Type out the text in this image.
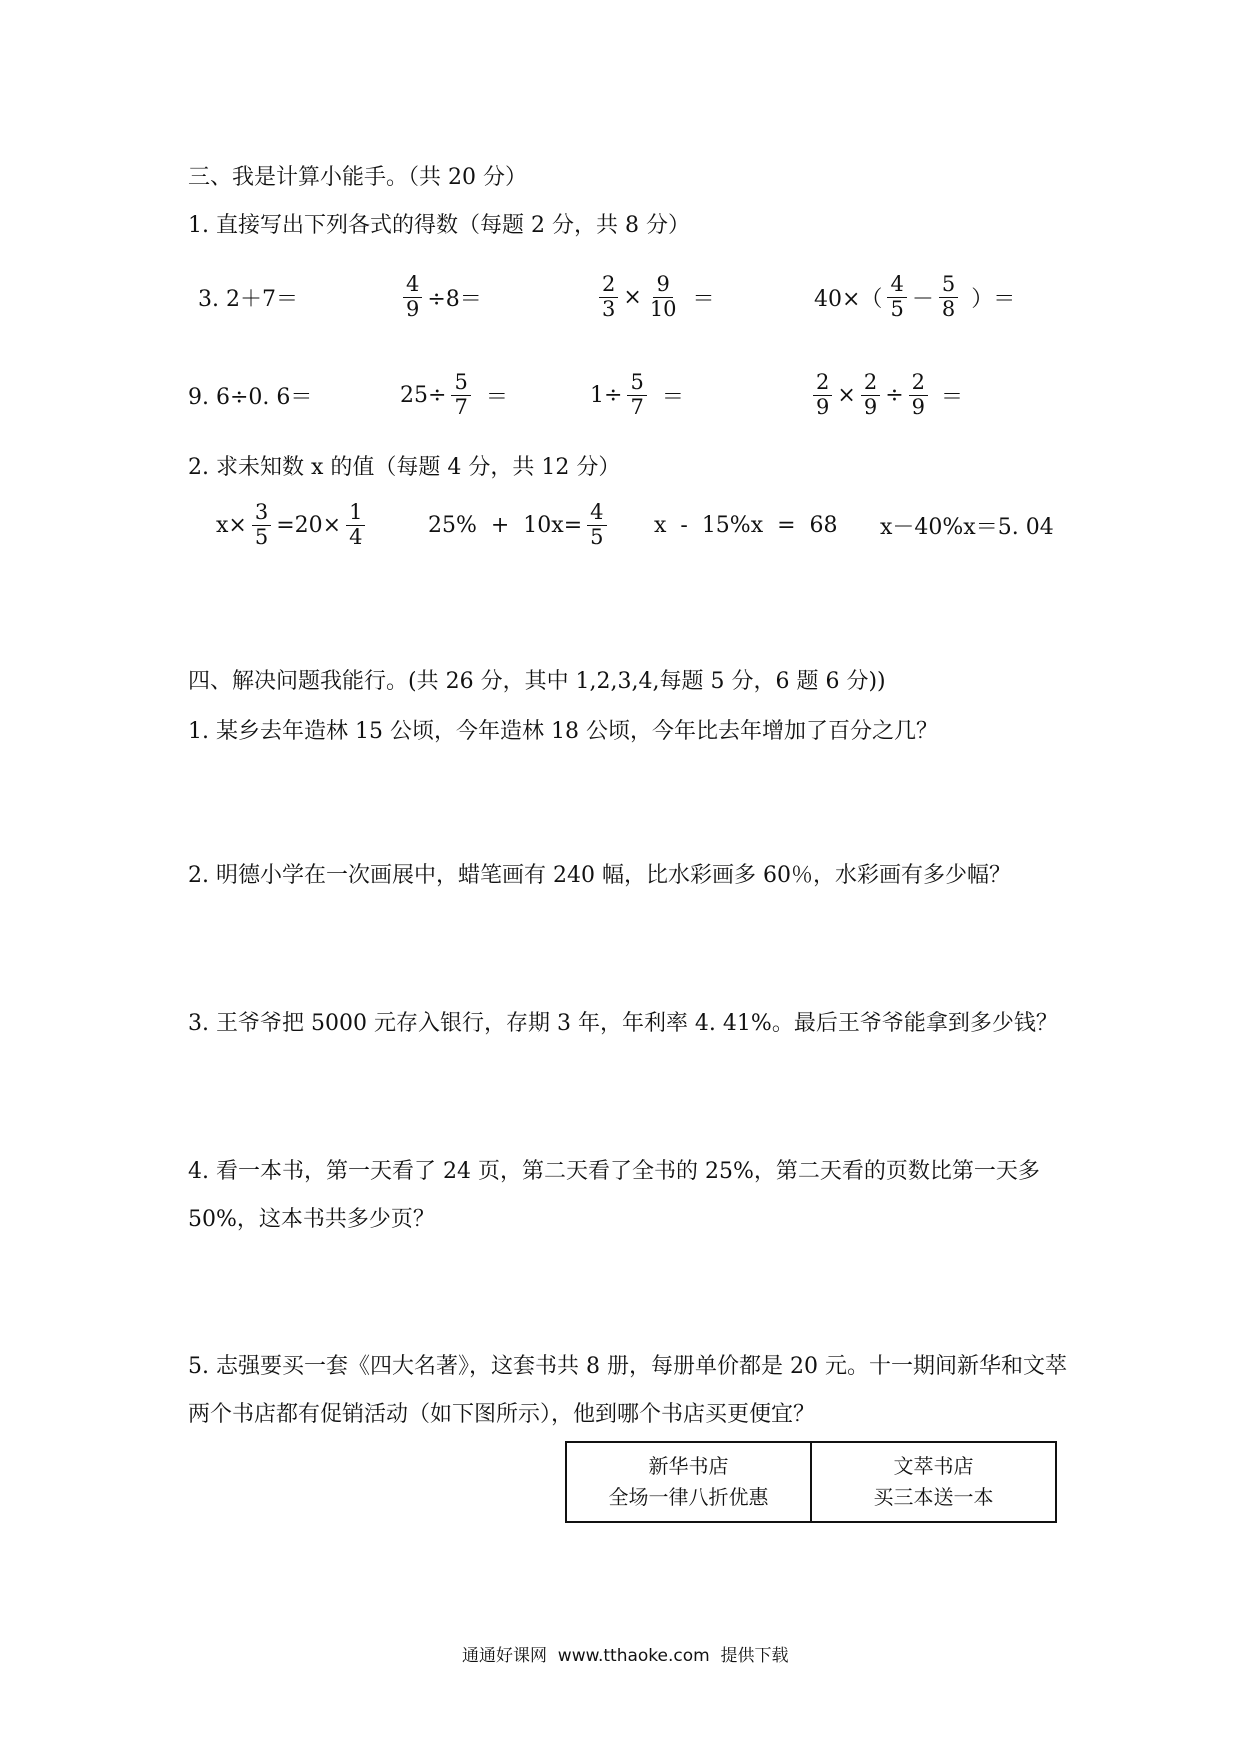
三、我是计算小能手。（共 20 分）
1. 直接写出下列各式的得数（每题 2 分，共 8 分）
3. 2＋7＝	$\frac{4}{9} \div 8=$	$\frac{2}{3} \times \frac{9}{10}$ ＝	$40\times( \frac{4}{5} - \frac{5}{8}$ ）＝
9. 6÷0. 6＝	$25\div \frac{5}{7}$ ＝	$1\div \frac{5}{7}$ ＝	$\frac{2}{9} \times \frac{2}{9} \div \frac{2}{9}$ ＝
2. 求未知数 x 的值（每题 4 分，共 12 分）
$x\times \frac{3}{5} =20\times \frac{1}{4}$	$25\% + 10x= \frac{4}{5}$ x  -  15%x  =  68 x－40%x＝5. 04
四、解决问题我能行。(共 26 分，其中 1,2,3,4,每题 5 分，6 题 6 分))
1. 某乡去年造林 15 公顷，今年造林 18 公顷，今年比去年增加了百分之几？
2. 明德小学在一次画展中，蜡笔画有 240 幅，比水彩画多 60％，水彩画有多少幅？
3. 王爷爷把 5000 元存入银行，存期 3 年，年利率 4. 41%。最后王爷爷能拿到多少钱？
4. 看一本书，第一天看了 24 页，第二天看了全书的 25%，第二天看的页数比第一天多 50%，这本书共多少页？
5. 志强要买一套《四大名著》，这套书共 8 册，每册单价都是 20 元。十一期间新华和文萃两个书店都有促销活动（如下图所示），他到哪个书店买更便宜？
新华书店
全场一律八折优惠

文萃书店
买三本送一本
通通好课网  www.tthaoke.com  提供下载
